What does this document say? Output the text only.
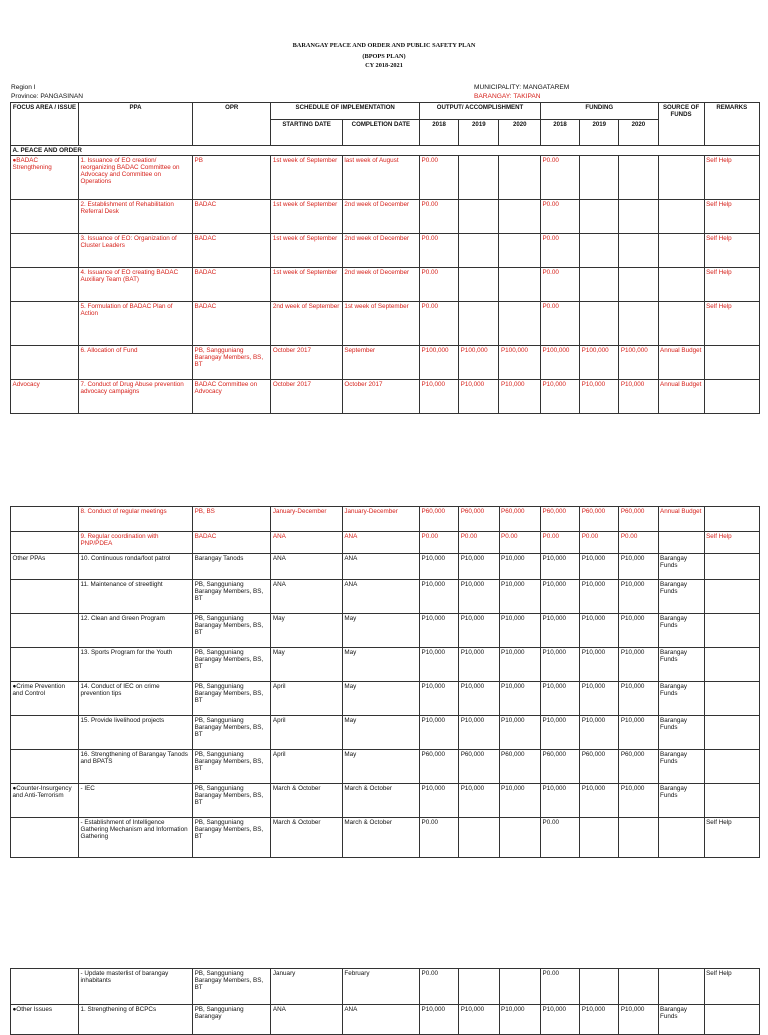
BARANGAY PEACE AND ORDER AND PUBLIC SAFETY PLAN
(BPOPS PLAN)
CY 2018-2021
Region I
Province: PANGASINAN
MUNICIPALITY: MANGATAREM
BARANGAY: TAKIPAN
FOCUS AREA / ISSUE	PPA	OPR	SCHEDULE OF IMPLEMENTATION		OUTPUT/ ACCOMPLISHMENT			FUNDING			SOURCE OF FUNDS	REMARKS
			STARTING DATE	COMPLETION DATE	2018	2019	2020	2018	2019	2020		
A. PEACE AND ORDER												
●BADAC Strengthening	1. Issuance of EO creation/ reorganizing BADAC Committee on Advocacy and Committee on Operations	PB	1st week of September	last week of August	P0.00			P0.00				Self Help
	2. Establishment of Rehabilitation Referral Desk	BADAC	1st week of September	2nd week of December	P0.00			P0.00				Self Help
	3. Issuance of EO: Organization of Cluster Leaders	BADAC	1st week of September	2nd week of December	P0.00			P0.00				Self Help
	4. Issuance of EO creating BADAC Auxiliary Team (BAT)	BADAC	1st week of September	2nd week of December	P0.00			P0.00				Self Help
	5. Formulation of BADAC Plan of Action	BADAC	2nd week of September	1st week of September	P0.00			P0.00				Self Help
	6. Allocation of Fund	PB, Sangguniang Barangay Members, BS, BT	October 2017	September	P100,000	P100,000	P100,000	P100,000	P100,000	P100,000	Annual Budget	
Advocacy	7. Conduct of Drug Abuse prevention advocacy campaigns	BADAC Committee on Advocacy	October 2017	October 2017	P10,000	P10,000	P10,000	P10,000	P10,000	P10,000	Annual Budget	
	8. Conduct of regular meetings	PB, BS	January-December	January-December	P60,000	P60,000	P60,000	P60,000	P60,000	P60,000	Annual Budget	
	9. Regular coordination with PNP/PDEA	BADAC	ANA	ANA	P0.00	P0.00	P0.00	P0.00	P0.00	P0.00		Self Help
Other PPAs	10. Continuous ronda/foot patrol	Barangay Tanods	ANA	ANA	P10,000	P10,000	P10,000	P10,000	P10,000	P10,000	Barangay Funds	
	11. Maintenance of streetlight	PB, Sangguniang Barangay Members, BS, BT	ANA	ANA	P10,000	P10,000	P10,000	P10,000	P10,000	P10,000	Barangay Funds	
	12. Clean and Green Program	PB, Sangguniang Barangay Members, BS, BT	May	May	P10,000	P10,000	P10,000	P10,000	P10,000	P10,000	Barangay Funds	
	13. Sports Program for the Youth	PB, Sangguniang Barangay Members, BS, BT	May	May	P10,000	P10,000	P10,000	P10,000	P10,000	P10,000	Barangay Funds	
●Crime Prevention and Control	14. Conduct of IEC on crime prevention tips	PB, Sangguniang Barangay Members, BS, BT	April	May	P10,000	P10,000	P10,000	P10,000	P10,000	P10,000	Barangay Funds	
	15. Provide livelihood projects	PB, Sangguniang Barangay Members, BS, BT	April	May	P10,000	P10,000	P10,000	P10,000	P10,000	P10,000	Barangay Funds	
	16. Strengthening of Barangay Tanods and BPATS	PB, Sangguniang Barangay Members, BS, BT	April	May	P60,000	P60,000	P60,000	P60,000	P60,000	P60,000	Barangay Funds	
●Counter-Insurgency and Anti-Terrorism	- IEC	PB, Sangguniang Barangay Members, BS, BT	March & October	March & October	P10,000	P10,000	P10,000	P10,000	P10,000	P10,000	Barangay Funds	
	- Establishment of Intelligence Gathering Mechanism and Information Gathering	PB, Sangguniang Barangay Members, BS, BT	March & October	March & October	P0.00			P0.00				Self Help
	- Update masterlist of barangay inhabitants	PB, Sangguniang Barangay Members, BS, BT	January	February	P0.00			P0.00				Self Help
●Other Issues	1. Strengthening of BCPCs	PB, Sangguniang Barangay	ANA	ANA	P10,000	P10,000	P10,000	P10,000	P10,000	P10,000	Barangay Funds	
